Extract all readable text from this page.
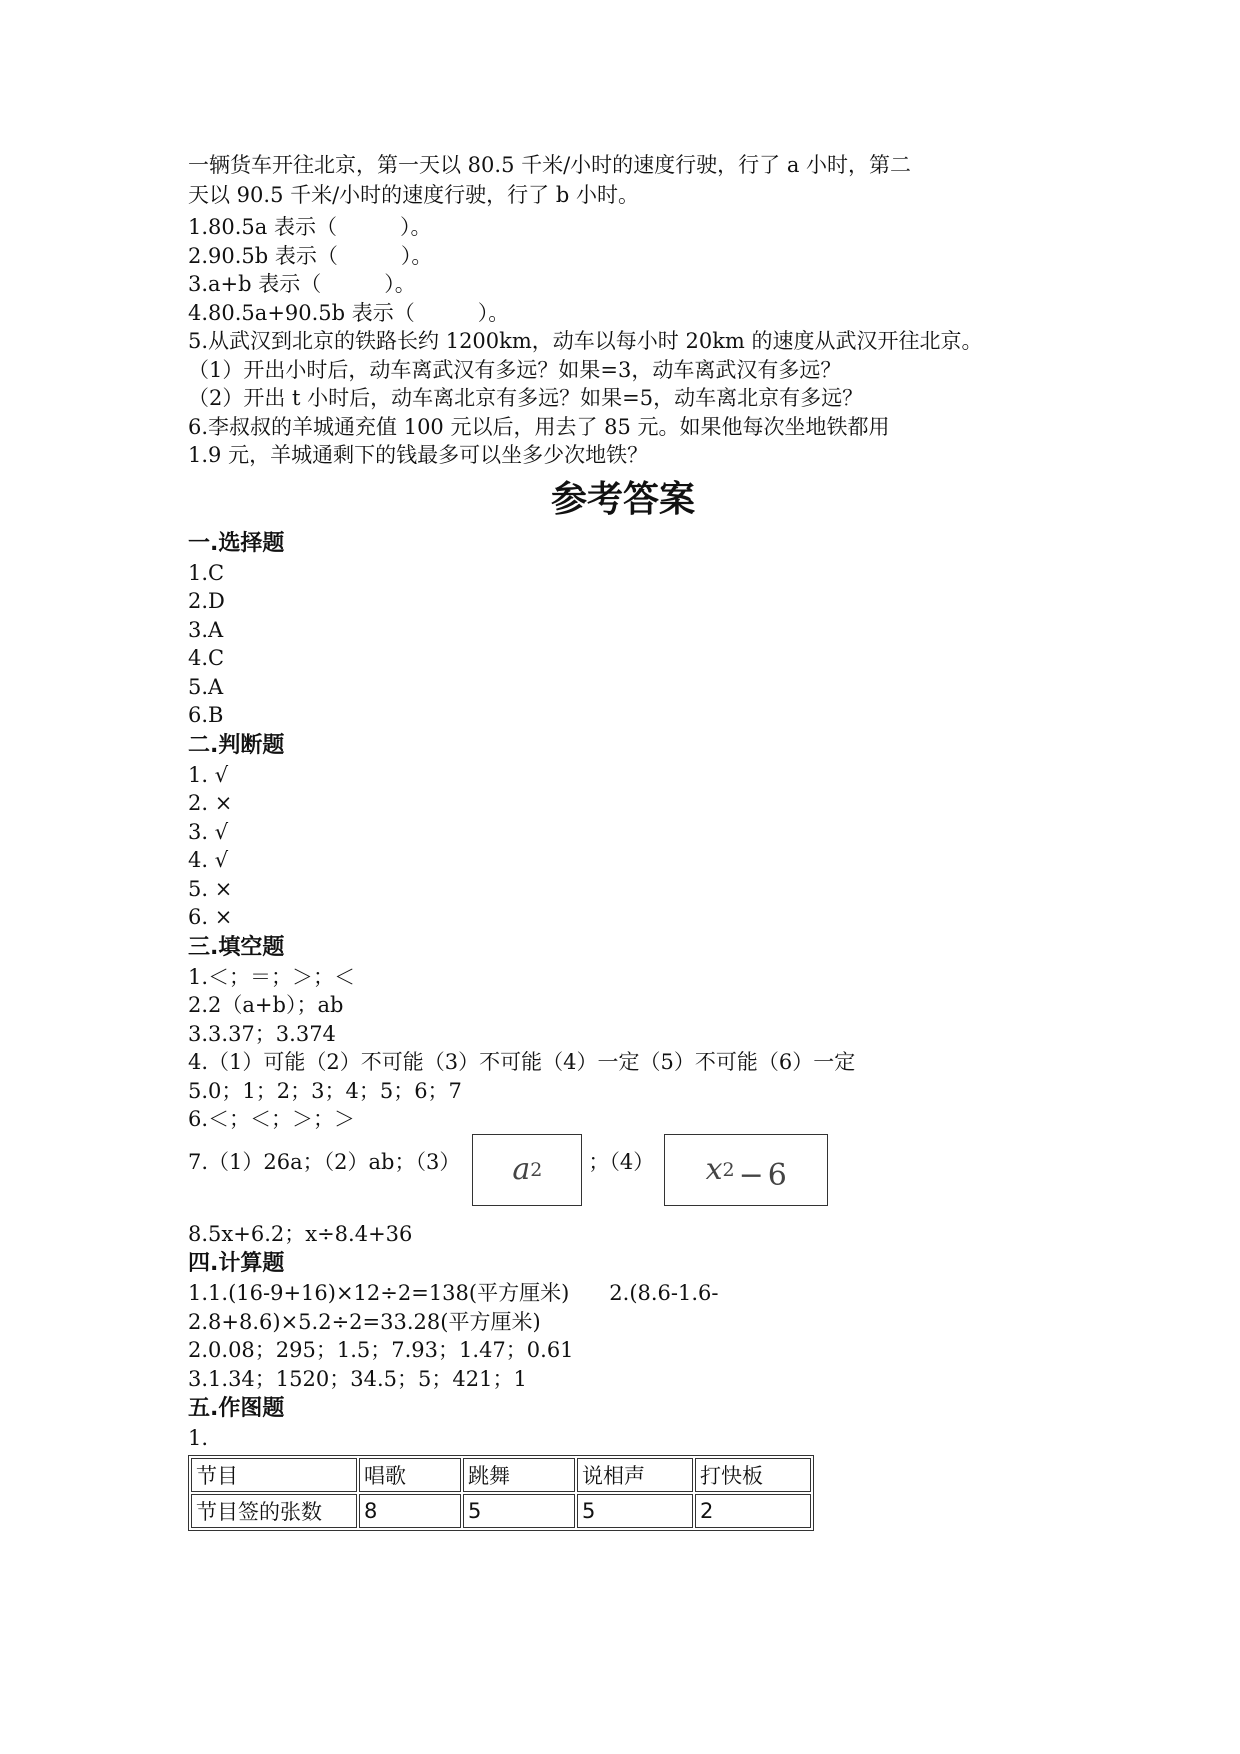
一辆货车开往北京，第一天以 80.5 千米/小时的速度行驶，行了 a 小时，第二
天以 90.5 千米/小时的速度行驶，行了 b 小时。
1.80.5a 表示（　　　）。
2.90.5b 表示（　　　）。
3.a+b 表示（　　　）。
4.80.5a+90.5b 表示（　　　）。
5.从武汉到北京的铁路长约 1200km，动车以每小时 20km 的速度从武汉开往北京。
（1）开出小时后，动车离武汉有多远？如果=3，动车离武汉有多远？
（2）开出 t 小时后，动车离北京有多远？如果=5，动车离北京有多远？
6.李叔叔的羊城通充值 100 元以后，用去了 85 元。如果他每次坐地铁都用
1.9 元，羊城通剩下的钱最多可以坐多少次地铁？
参考答案
一.选择题
1.C
2.D
3.A
4.C
5.A
6.B
二.判断题
1. √
2. ×
3. √
4. √
5. ×
6. ×
三.填空题
1.＜；＝；＞；＜
2.2（a+b）；ab
3.3.37；3.374
4.（1）可能（2）不可能（3）不可能（4）一定（5）不可能（6）一定
5.0；1；2；3；4；5；6；7
6.＜；＜；＞；＞
7.（1）26a；（2）ab；（3） a 2 ；（4） x 2 − 6
8.5x+6.2；x÷8.4+36
四.计算题
1.1.(16-9+16)×12÷2=138(平方厘米) 2.(8.6-1.6-
2.8+8.6)×5.2÷2=33.28(平方厘米)
2.0.08；295；1.5；7.93；1.47；0.61
3.1.34；1520；34.5；5；421；1
五.作图题
1.
节目	唱歌	跳舞	说相声	打快板
节目签的张数	8	5	5	2
